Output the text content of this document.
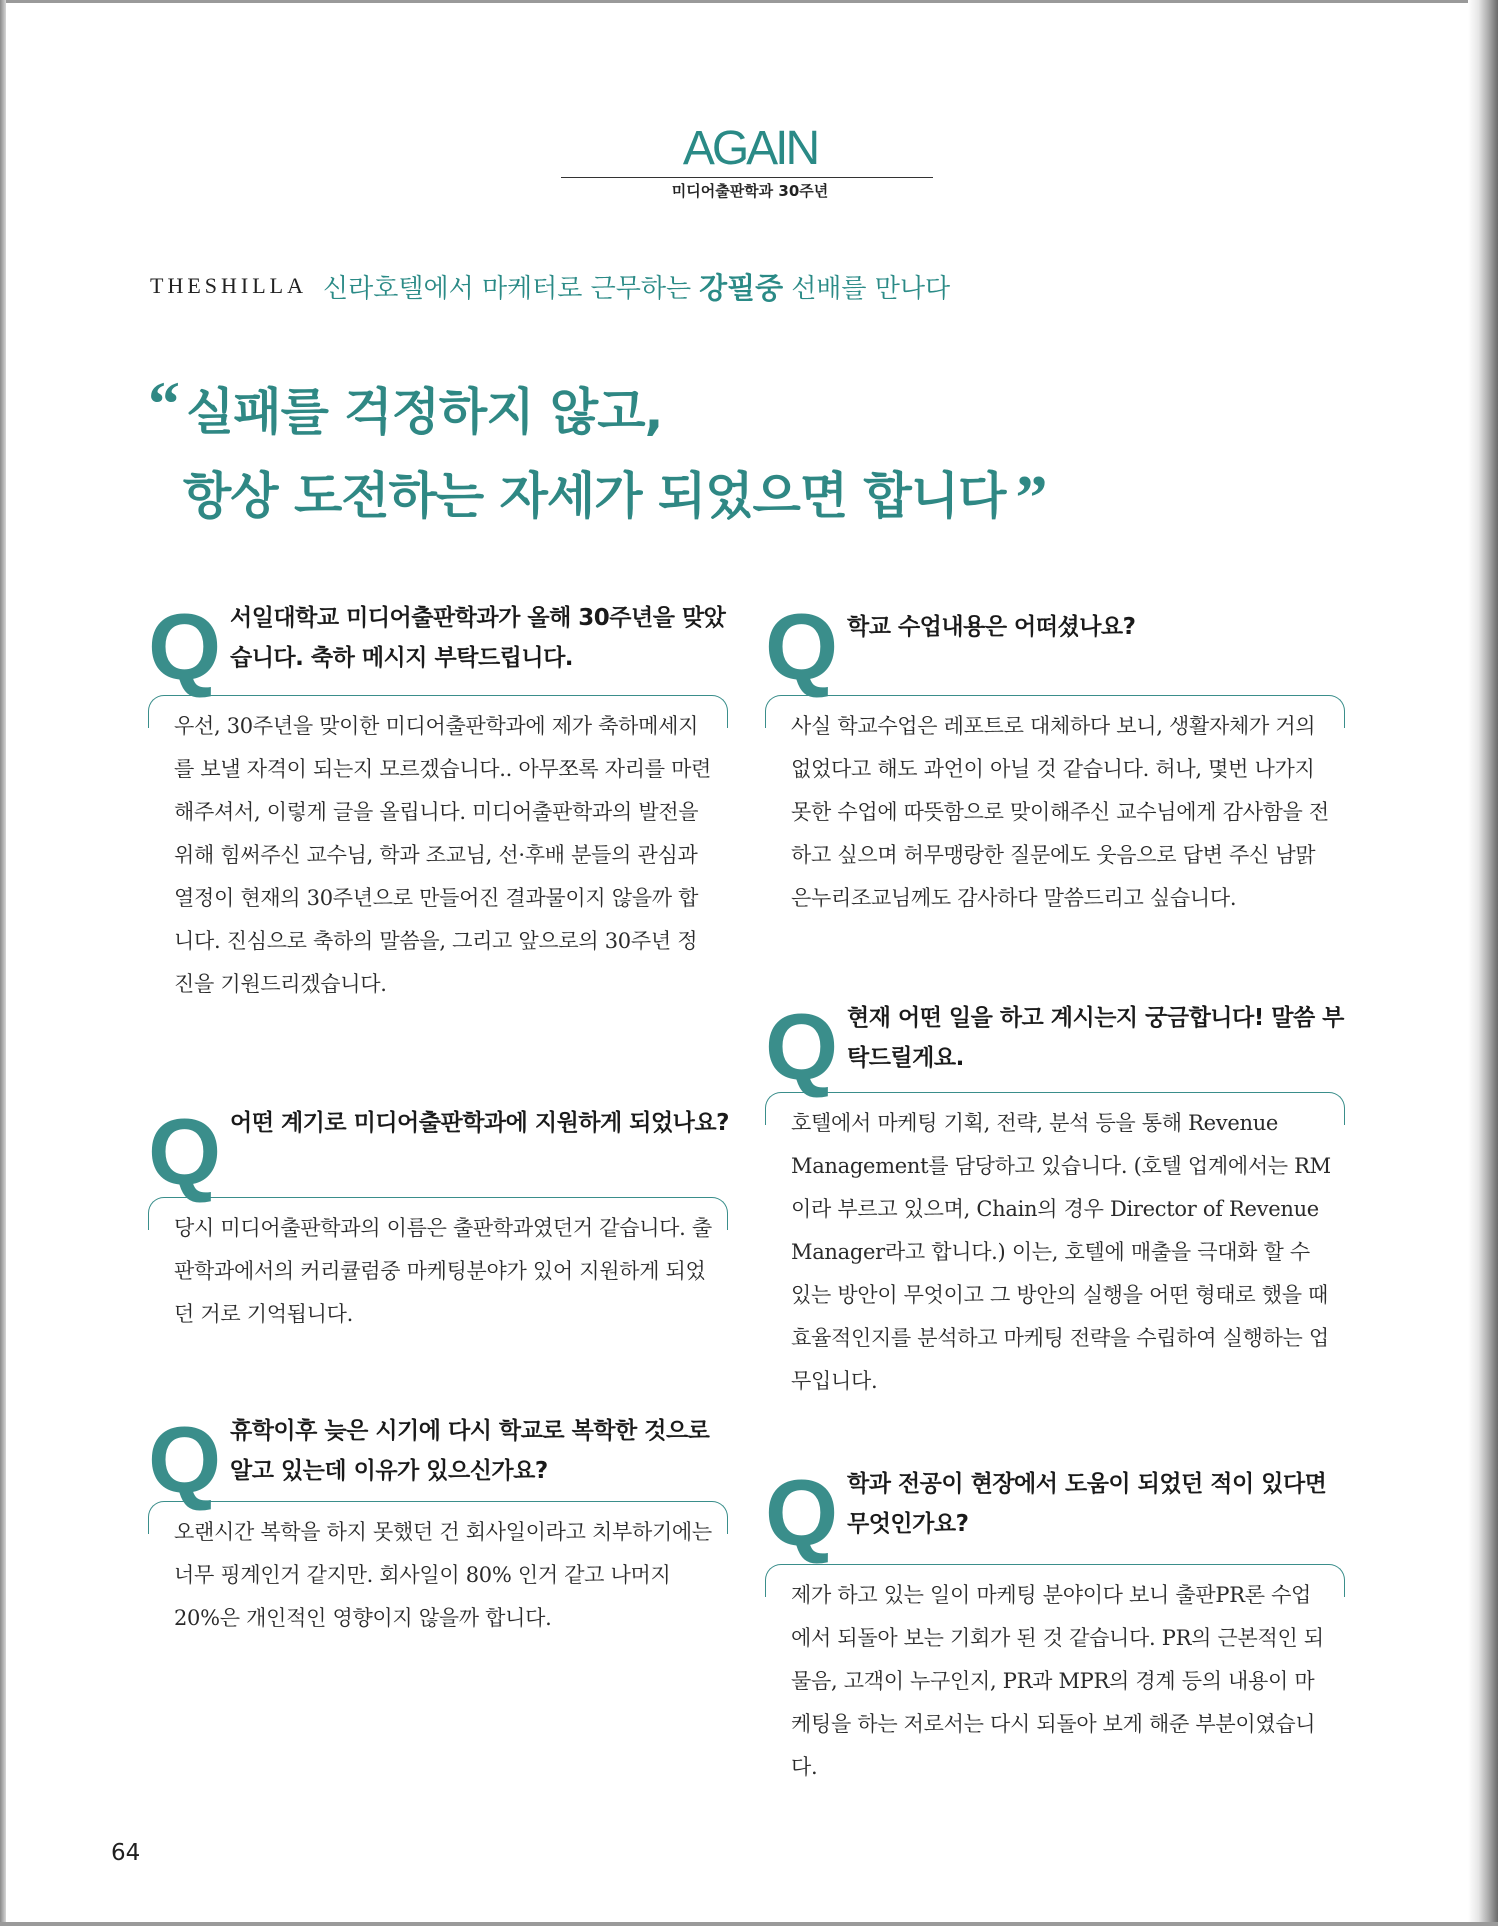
AGAIN
미디어출판학과 30주년
THESHILLA 신라호텔에서 마케터로 근무하는 강필중 선배를 만나다
“ 실패를 걱정하지 않고,
항상 도전하는 자세가 되었으면 합니다 ”
Q 서일대학교 미디어출판학과가 올해 30주년을 맞았습니다. 축하 메시지 부탁드립니다.
우선, 30주년을 맞이한 미디어출판학과에 제가 축하메세지를 보낼 자격이 되는지 모르겠습니다.. 아무쪼록 자리를 마련해주셔서, 이렇게 글을 올립니다. 미디어출판학과의 발전을 위해 힘써주신 교수님, 학과 조교님, 선·후배 분들의 관심과 열정이 현재의 30주년으로 만들어진 결과물이지 않을까 합니다. 진심으로 축하의 말씀을, 그리고 앞으로의 30주년 정진을 기원드리겠습니다.
Q 어떤 계기로 미디어출판학과에 지원하게 되었나요?
당시 미디어출판학과의 이름은 출판학과였던거 같습니다. 출판학과에서의 커리큘럼중 마케팅분야가 있어 지원하게 되었던 거로 기억됩니다.
Q 휴학이후 늦은 시기에 다시 학교로 복학한 것으로 알고 있는데 이유가 있으신가요?
오랜시간 복학을 하지 못했던 건 회사일이라고 치부하기에는 너무 핑계인거 같지만. 회사일이 80% 인거 같고 나머지 20%은 개인적인 영향이지 않을까 합니다.
Q 학교 수업내용은 어떠셨나요?
사실 학교수업은 레포트로 대체하다 보니, 생활자체가 거의 없었다고 해도 과언이 아닐 것 같습니다. 허나, 몇번 나가지 못한 수업에 따뜻함으로 맞이해주신 교수님에게 감사함을 전하고 싶으며 허무맹랑한 질문에도 웃음으로 답변 주신 남맑은누리조교님께도 감사하다 말씀드리고 싶습니다.
Q 현재 어떤 일을 하고 계시는지 궁금합니다! 말씀 부탁드릴게요.
호텔에서 마케팅 기획, 전략, 분석 등을 통해 Revenue Management를 담당하고 있습니다. (호텔 업계에서는 RM 이라 부르고 있으며, Chain의 경우 Director of Revenue Manager라고 합니다.) 이는, 호텔에 매출을 극대화 할 수 있는 방안이 무엇이고 그 방안의 실행을 어떤 형태로 했을 때 효율적인지를 분석하고 마케팅 전략을 수립하여 실행하는 업무입니다.
Q 학과 전공이 현장에서 도움이 되었던 적이 있다면 무엇인가요?
제가 하고 있는 일이 마케팅 분야이다 보니 출판PR론 수업에서 되돌아 보는 기회가 된 것 같습니다. PR의 근본적인 되물음, 고객이 누구인지, PR과 MPR의 경계 등의 내용이 마케팅을 하는 저로서는 다시 되돌아 보게 해준 부분이였습니다.
64
